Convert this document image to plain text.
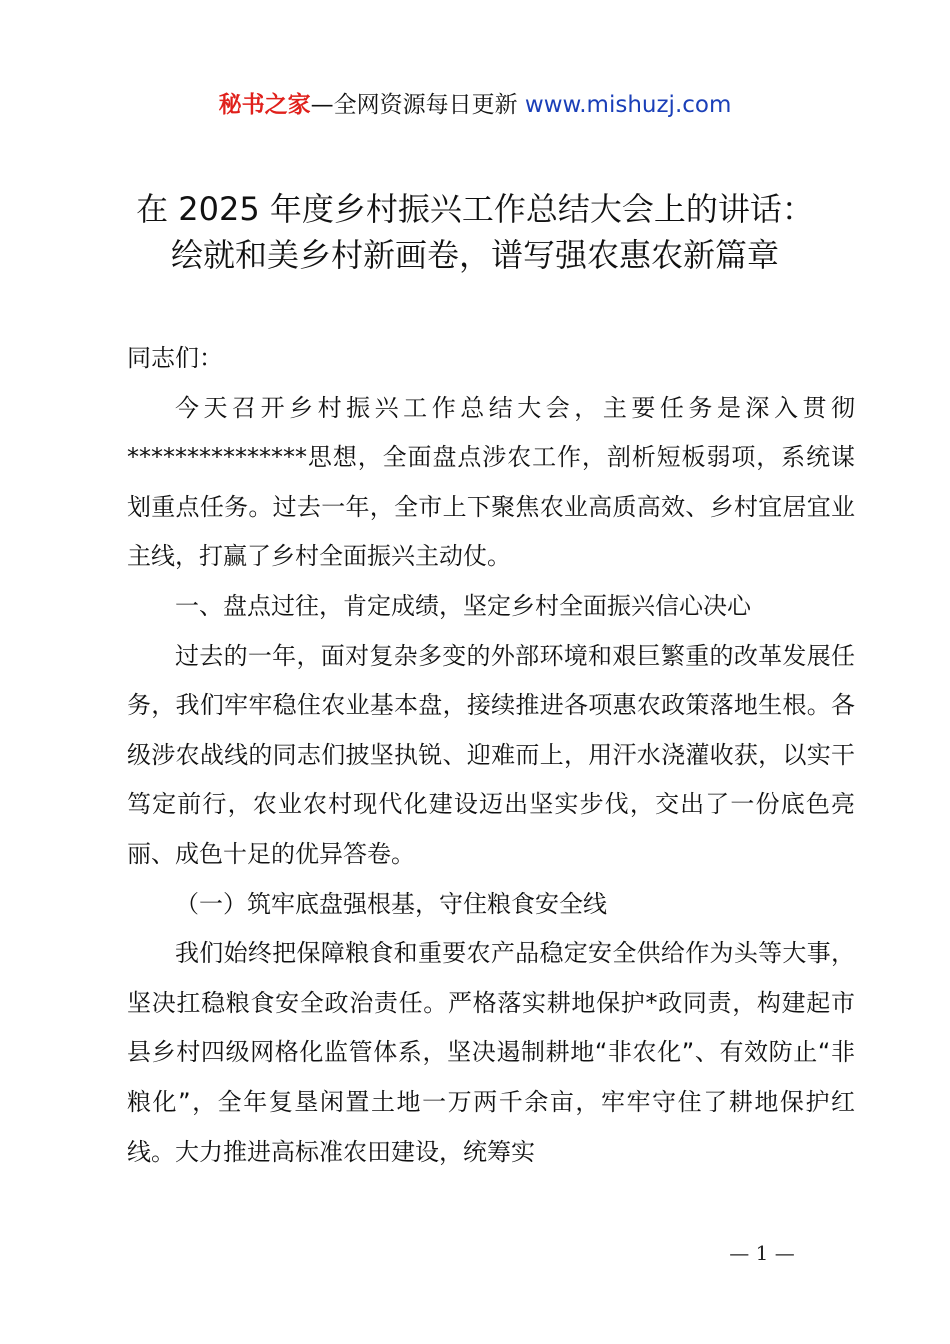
秘书之家—全网资源每日更新 www.mishuzj.com
在 2025 年度乡村振兴工作总结大会上的讲话：
绘就和美乡村新画卷，谱写强农惠农新篇章

同志们：

今天召开乡村振兴工作总结大会，主要任务是深入贯彻***************思想，全面盘点涉农工作，剖析短板弱项，系统谋划重点任务。过去一年，全市上下聚焦农业高质高效、乡村宜居宜业主线，打赢了乡村全面振兴主动仗。

一、盘点过往，肯定成绩，坚定乡村全面振兴信心决心

过去的一年，面对复杂多变的外部环境和艰巨繁重的改革发展任务，我们牢牢稳住农业基本盘，接续推进各项惠农政策落地生根。各级涉农战线的同志们披坚执锐、迎难而上，用汗水浇灌收获，以实干笃定前行，农业农村现代化建设迈出坚实步伐，交出了一份底色亮丽、成色十足的优异答卷。

（一）筑牢底盘强根基，守住粮食安全线

我们始终把保障粮食和重要农产品稳定安全供给作为头等大事，坚决扛稳粮食安全政治责任。严格落实耕地保护*政同责，构建起市县乡村四级网格化监管体系，坚决遏制耕地“非农化”、有效防止“非粮化”，全年复垦闲置土地一万两千余亩，牢牢守住了耕地保护红线。大力推进高标准农田建设，统筹实

— 1 —
